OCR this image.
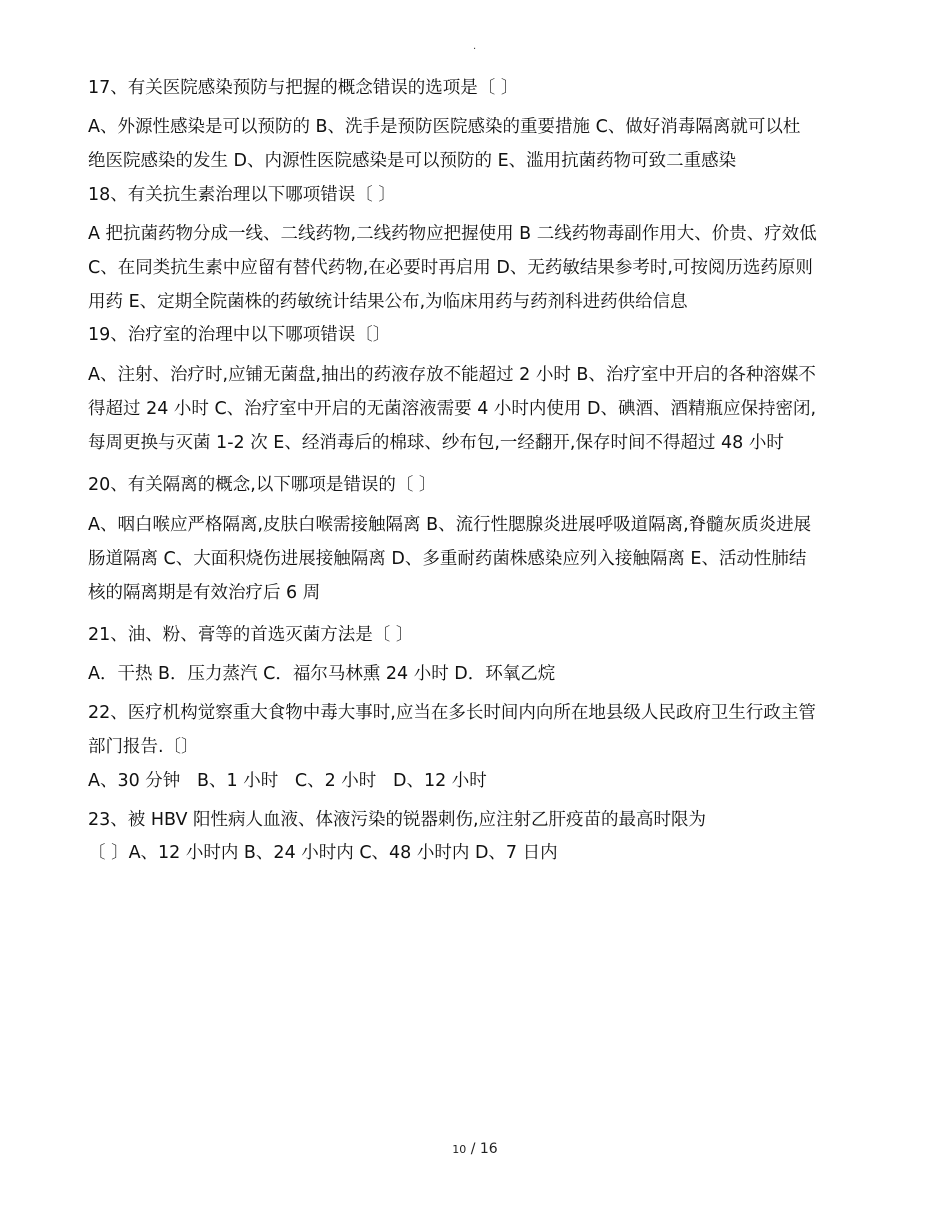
.
17、有关医院感染预防与把握的概念错误的选项是〔 〕
A、外源性感染是可以预防的 B、洗手是预防医院感染的重要措施 C、做好消毒隔离就可以杜
绝医院感染的发生 D、内源性医院感染是可以预防的 E、滥用抗菌药物可致二重感染
18、有关抗生素治理以下哪项错误〔 〕
A 把抗菌药物分成一线、二线药物,二线药物应把握使用 B 二线药物毒副作用大、价贵、疗效低
C、在同类抗生素中应留有替代药物,在必要时再启用 D、无药敏结果参考时,可按阅历选药原则
用药 E、定期全院菌株的药敏统计结果公布,为临床用药与药剂科进药供给信息
19、治疗室的治理中以下哪项错误〔〕
A、注射、治疗时,应铺无菌盘,抽出的药液存放不能超过 2 小时 B、治疗室中开启的各种溶媒不
得超过 24 小时 C、治疗室中开启的无菌溶液需要 4 小时内使用 D、碘酒、酒精瓶应保持密闭,
每周更换与灭菌 1-2 次 E、经消毒后的棉球、纱布包,一经翻开,保存时间不得超过 48 小时
20、有关隔离的概念,以下哪项是错误的〔 〕
A、咽白喉应严格隔离,皮肤白喉需接触隔离 B、流行性腮腺炎进展呼吸道隔离,脊髓灰质炎进展
肠道隔离 C、大面积烧伤进展接触隔离 D、多重耐药菌株感染应列入接触隔离 E、活动性肺结
核的隔离期是有效治疗后 6 周
21、油、粉、膏等的首选灭菌方法是〔 〕
A．干热 B．压力蒸汽 C．福尔马林熏 24 小时 D．环氧乙烷
22、医疗机构觉察重大食物中毒大事时,应当在多长时间内向所在地县级人民政府卫生行政主管
部门报告.〔〕
A、30 分钟   B、1 小时   C、2 小时   D、12 小时
23、被 HBV 阳性病人血液、体液污染的锐器刺伤,应注射乙肝疫苗的最高时限为
〔 〕A、12 小时内 B、24 小时内 C、48 小时内 D、7 日内
10 / 16
